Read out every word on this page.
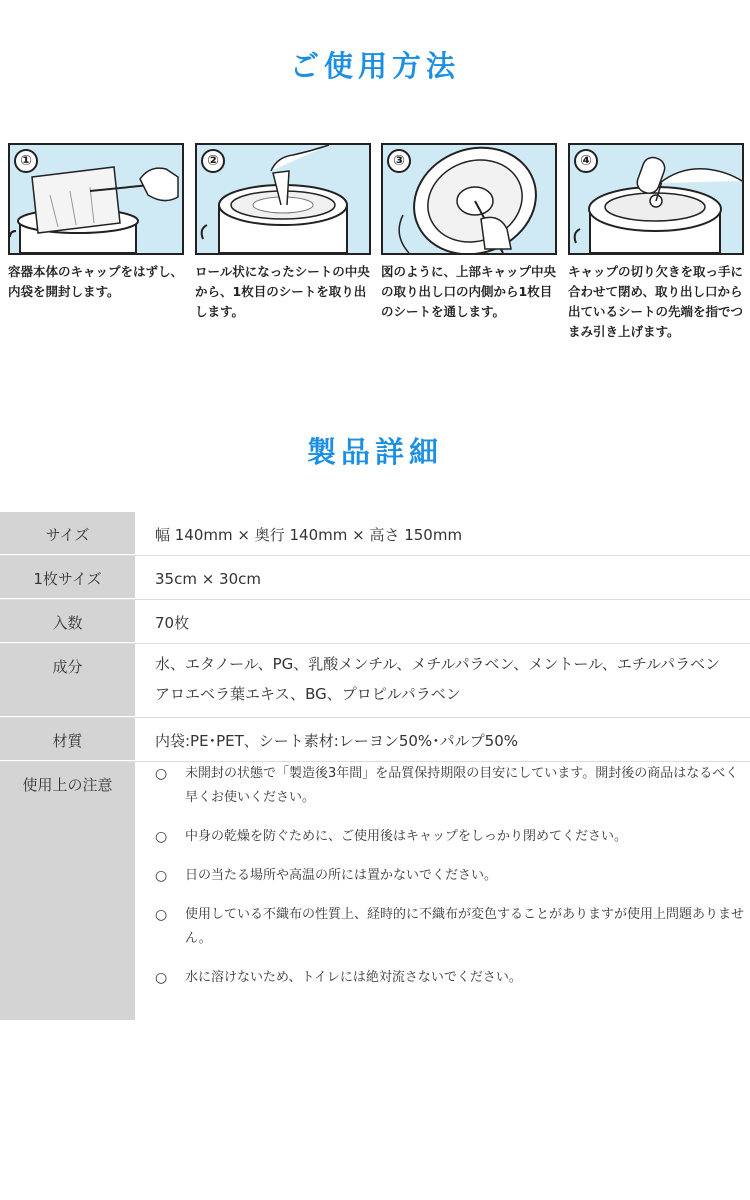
ご使用方法
①
容器本体のキャップをはずし、内袋を開封します。
②
ロール状になったシートの中央から、1枚目のシートを取り出します。
③
図のように、上部キャップ中央の取り出し口の内側から1枚目のシートを通します。
④
キャップの切り欠きを取っ手に合わせて閉め、取り出し口から出ているシートの先端を指でつまみ引き上げます。
製品詳細
サイズ	幅 140mm × 奥行 140mm × 高さ 150mm
1枚サイズ	35cm × 30cm
入数	70枚
成分	水、エタノール、PG、乳酸メンチル、メチルパラベン、メントール、エチルパラベン
アロエベラ葉エキス、BG、プロピルパラベン
材質	内袋:PE･PET、シート素材:レーヨン50%･パルプ50%
使用上の注意
○	未開封の状態で「製造後3年間」を品質保持期限の目安にしています。開封後の商品はなるべく早くお使いください。
○	中身の乾燥を防ぐために、ご使用後はキャップをしっかり閉めてください。
○	日の当たる場所や高温の所には置かないでください。
○	使用している不織布の性質上、経時的に不織布が変色することがありますが使用上問題ありません。
○	水に溶けないため、トイレには絶対流さないでください。
